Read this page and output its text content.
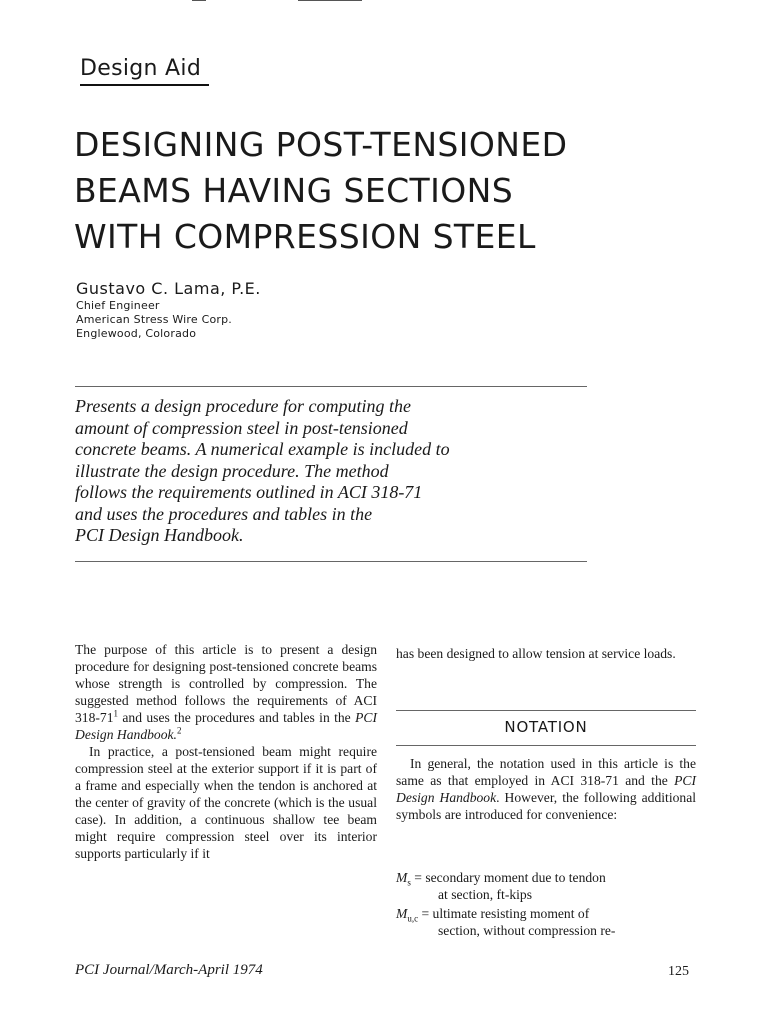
Design Aid
DESIGNING POST-TENSIONED
BEAMS HAVING SECTIONS
WITH COMPRESSION STEEL
Gustavo C. Lama, P.E.
Chief Engineer
American Stress Wire Corp.
Englewood, Colorado
Presents a design procedure for computing the
amount of compression steel in post-tensioned
concrete beams. A numerical example is included to
illustrate the design procedure. The method
follows the requirements outlined in ACI 318-71
and uses the procedures and tables in the
PCI Design Handbook.

The purpose of this article is to present a design procedure for designing post-tensioned concrete beams whose strength is controlled by compression. The suggested method follows the requirements of ACI $318-71^1$ and uses the procedures and tables in the PCI Design Handbook.$^2$

In practice, a post-tensioned beam might require compression steel at the exterior support if it is part of a frame and especially when the tendon is anchored at the center of gravity of the concrete (which is the usual case). In addition, a continuous shallow tee beam might require compression steel over its interior supports particularly if it

has been designed to allow tension at service loads.
NOTATION

In general, the notation used in this article is the same as that employed in ACI 318-71 and the PCI Design Handbook. However, the following additional symbols are introduced for convenience:

$M_s$ = secondary moment due to tendon
at section, ft-kips
$M_{u,c}$ = ultimate resisting moment of
section, without compression re-
PCI Journal/March-April 1974	125
